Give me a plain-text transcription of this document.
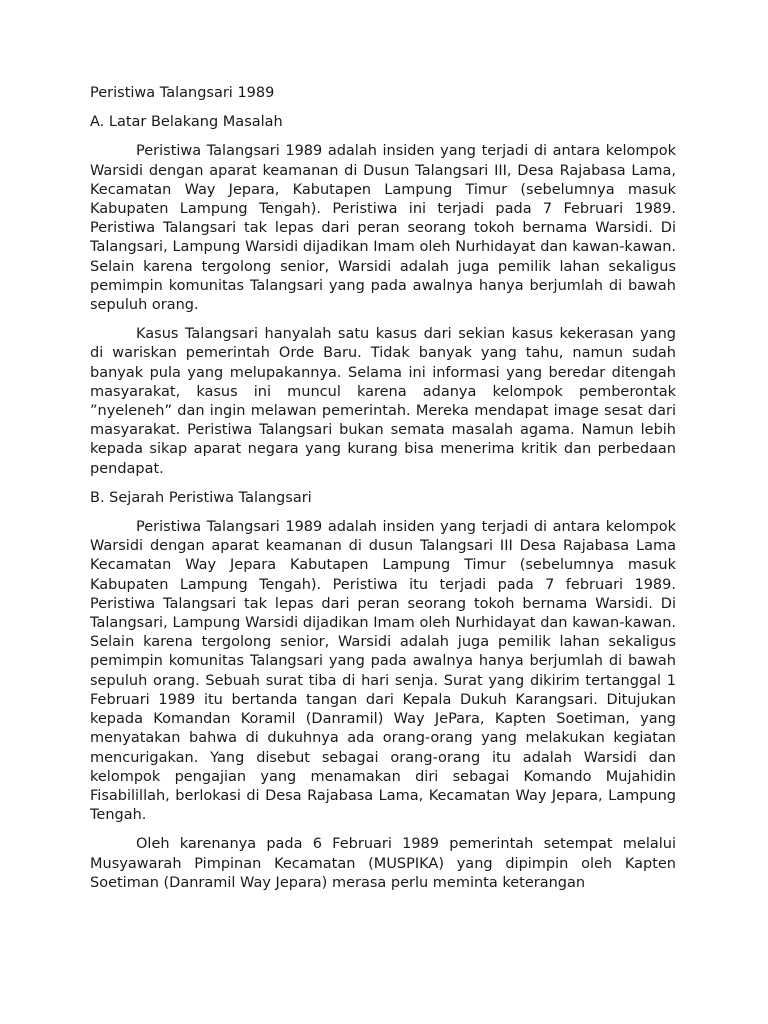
Peristiwa Talangsari 1989

A. Latar Belakang Masalah

Peristiwa Talangsari 1989 adalah insiden yang terjadi di antara kelompok Warsidi dengan aparat keamanan di Dusun Talangsari III, Desa Rajabasa Lama, Kecamatan Way Jepara, Kabutapen Lampung Timur (sebelumnya masuk Kabupaten Lampung Tengah). Peristiwa ini terjadi pada 7 Februari 1989. Peristiwa Talangsari tak lepas dari peran seorang tokoh bernama Warsidi. Di Talangsari, Lampung Warsidi dijadikan Imam oleh Nurhidayat dan kawan-kawan. Selain karena tergolong senior, Warsidi adalah juga pemilik lahan sekaligus pemimpin komunitas Talangsari yang pada awalnya hanya berjumlah di bawah sepuluh orang.

Kasus Talangsari hanyalah satu kasus dari sekian kasus kekerasan yang di wariskan pemerintah Orde Baru. Tidak banyak yang tahu, namun sudah banyak pula yang melupakannya. Selama ini informasi yang beredar ditengah masyarakat, kasus ini muncul karena adanya kelompok pemberontak ”nyeleneh” dan ingin melawan pemerintah. Mereka mendapat image sesat dari masyarakat. Peristiwa Talangsari bukan semata masalah agama. Namun lebih kepada sikap aparat negara yang kurang bisa menerima kritik dan perbedaan pendapat.

B. Sejarah Peristiwa Talangsari

Peristiwa Talangsari 1989 adalah insiden yang terjadi di antara kelompok Warsidi dengan aparat keamanan di dusun Talangsari III Desa Rajabasa Lama Kecamatan Way Jepara Kabutapen Lampung Timur (sebelumnya masuk Kabupaten Lampung Tengah). Peristiwa itu terjadi pada 7 februari 1989. Peristiwa Talangsari tak lepas dari peran seorang tokoh bernama Warsidi. Di Talangsari, Lampung Warsidi dijadikan Imam oleh Nurhidayat dan kawan-kawan. Selain karena tergolong senior, Warsidi adalah juga pemilik lahan sekaligus pemimpin komunitas Talangsari yang pada awalnya hanya berjumlah di bawah sepuluh orang. Sebuah surat tiba di hari senja. Surat yang dikirim tertanggal 1 Februari 1989 itu bertanda tangan dari Kepala Dukuh Karangsari. Ditujukan kepada Komandan Koramil (Danramil) Way JePara, Kapten Soetiman, yang menyatakan bahwa di dukuhnya ada orang-orang yang melakukan kegiatan mencurigakan. Yang disebut sebagai orang-orang itu adalah Warsidi dan kelompok pengajian yang menamakan diri sebagai Komando Mujahidin Fisabilillah, berlokasi di Desa Rajabasa Lama, Kecamatan Way Jepara, Lampung Tengah.

Oleh karenanya pada 6 Februari 1989 pemerintah setempat melalui Musyawarah Pimpinan Kecamatan (MUSPIKA) yang dipimpin oleh Kapten Soetiman (Danramil Way Jepara) merasa perlu meminta keterangan
